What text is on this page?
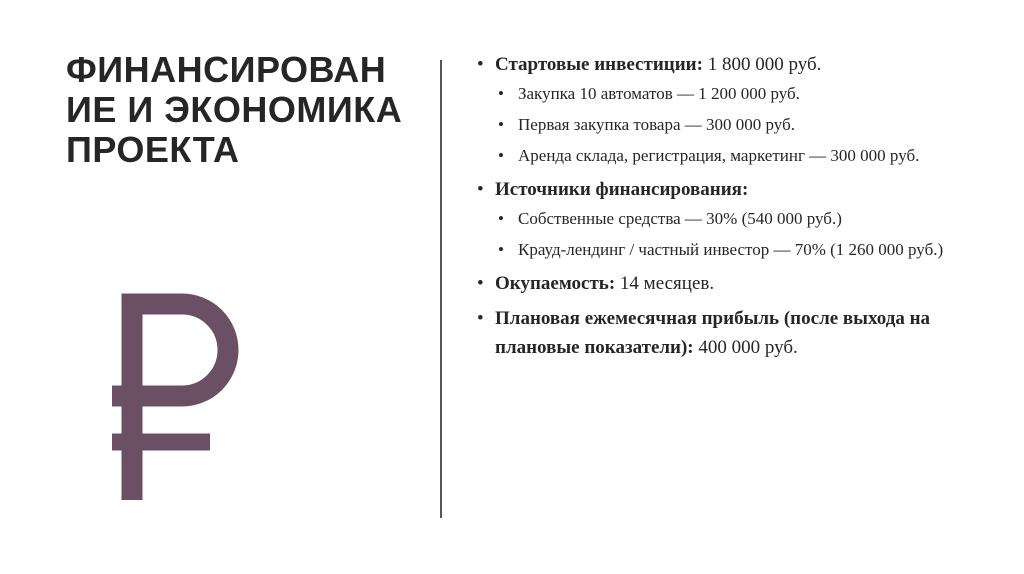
ФИНАНСИРОВАН
ИЕ И ЭКОНОМИКА
ПРОЕКТА
• Стартовые инвестиции: 1 800 000 руб.
• Закупка 10 автоматов — 1 200 000 руб.
• Первая закупка товара — 300 000 руб.
• Аренда склада, регистрация, маркетинг — 300 000 руб.
• Источники финансирования:
• Собственные средства — 30% (540 000 руб.)
• Крауд-лендинг / частный инвестор — 70% (1 260 000 руб.)
• Окупаемость: 14 месяцев.
• Плановая ежемесячная прибыль (после выхода на плановые показатели): 400 000 руб.
